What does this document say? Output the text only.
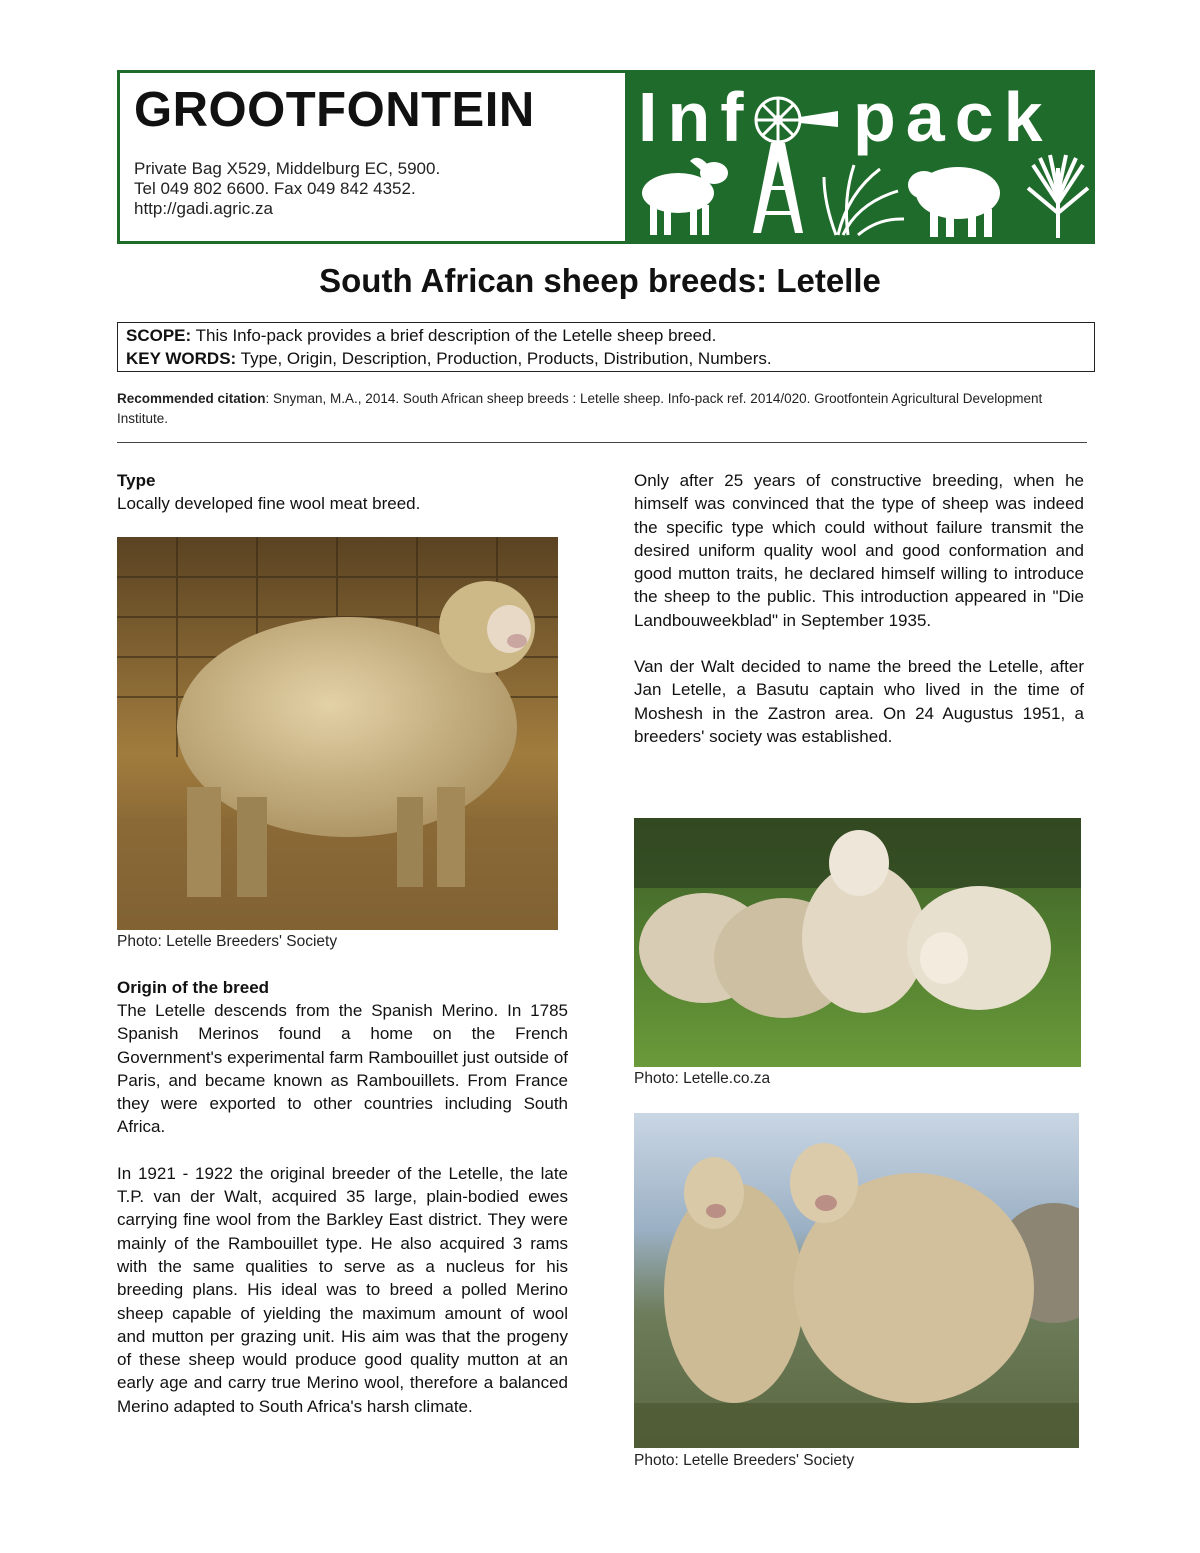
GROOTFONTEIN
Private Bag X529, Middelburg EC, 5900.
Tel 049 802 6600. Fax 049 842 4352.
http://gadi.agric.za
Inf pack
South African sheep breeds: Letelle
SCOPE: This Info-pack provides a brief description of the Letelle sheep breed.
KEY WORDS: Type, Origin, Description, Production, Products, Distribution, Numbers.
Recommended citation: Snyman, M.A., 2014. South African sheep breeds : Letelle sheep. Info-pack ref. 2014/020. Grootfontein Agricultural Development Institute.
Type

Locally developed fine wool meat breed.

Photo: Letelle Breeders' Society
Origin of the breed

The Letelle descends from the Spanish Merino. In 1785 Spanish Merinos found a home on the French Government's experimental farm Rambouillet just outside of Paris, and became known as Rambouillets. From France they were exported to other countries including South Africa.

In 1921 - 1922 the original breeder of the Letelle, the late T.P. van der Walt, acquired 35 large, plain-bodied ewes carrying fine wool from the Barkley East district. They were mainly of the Rambouillet type. He also acquired 3 rams with the same qualities to serve as a nucleus for his breeding plans. His ideal was to breed a polled Merino sheep capable of yielding the maximum amount of wool and mutton per grazing unit. His aim was that the progeny of these sheep would produce good quality mutton at an early age and carry true Merino wool, therefore a balanced Merino adapted to South Africa's harsh climate.

Only after 25 years of constructive breeding, when he himself was convinced that the type of sheep was indeed the specific type which could without failure transmit the desired uniform quality wool and good conformation and good mutton traits, he declared himself willing to introduce the sheep to the public. This introduction appeared in "Die Landbouweekblad" in September 1935.

Van der Walt decided to name the breed the Letelle, after Jan Letelle, a Basutu captain who lived in the time of Moshesh in the Zastron area. On 24 Augustus 1951, a breeders' society was established.

Photo: Letelle.co.za
Photo: Letelle Breeders' Society
